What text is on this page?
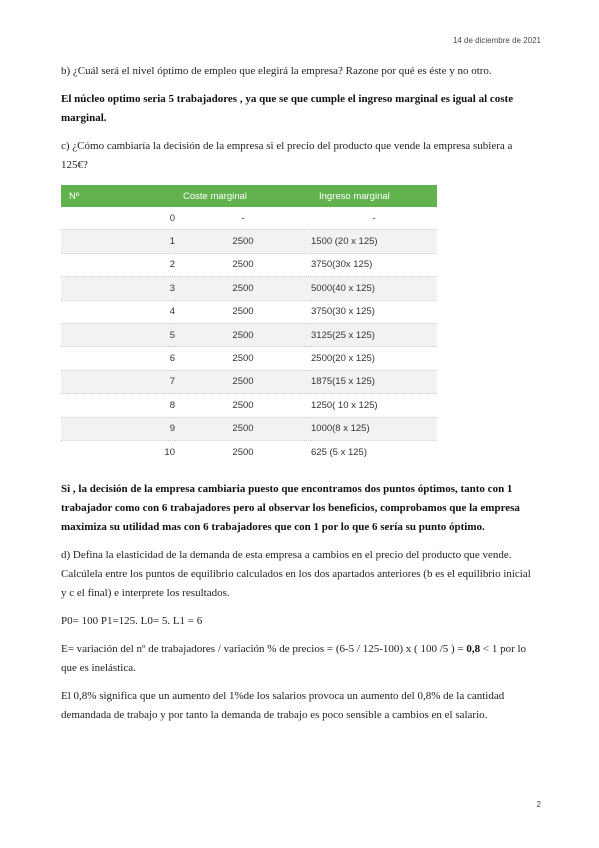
14 de diciembre de 2021

b) ¿Cuál será el nivel óptimo de empleo que elegirá la empresa? Razone por qué es éste y no otro.

El núcleo optimo seria 5 trabajadores , ya que se que cumple el ingreso marginal es igual al coste marginal.

c) ¿Cómo cambiaría la decisión de la empresa si el precio del producto que vende la empresa subiera a 125€?

Nº	Coste marginal	Ingreso marginal
0	-	-
1	2500	1500 (20 x 125)
2	2500	3750(30x 125)
3	2500	5000(40 x 125)
4	2500	3750(30 x 125)
5	2500	3125(25 x 125)
6	2500	2500(20 x 125)
7	2500	1875(15 x 125)
8	2500	1250( 10 x 125)
9	2500	1000(8 x 125)
10	2500	625 (5 x 125)

Si , la decisión de la empresa cambiaria puesto que encontramos dos puntos óptimos, tanto con 1 trabajador como con 6 trabajadores pero al observar los beneficios, comprobamos que la empresa maximiza su utilidad mas con 6 trabajadores que con 1 por lo que 6 sería su punto óptimo.

d) Defina la elasticidad de la demanda de esta empresa a cambios en el precio del producto que vende. Calcúlela entre los puntos de equilibrio calculados en los dos apartados anteriores (b es el equilibrio inicial y c el final) e interprete los resultados.

P0= 100 P1=125. L0= 5. L1 = 6

E= variación del nº de trabajadores / variación % de precios = (6-5 / 125-100) x ( 100 /5 ) = 0,8 < 1 por lo que es inelástica.

El 0,8% significa que un aumento del 1%de los salarios provoca un aumento del 0,8% de la cantidad demandada de trabajo y por tanto la demanda de trabajo es poco sensible a cambios en el salario.

2
